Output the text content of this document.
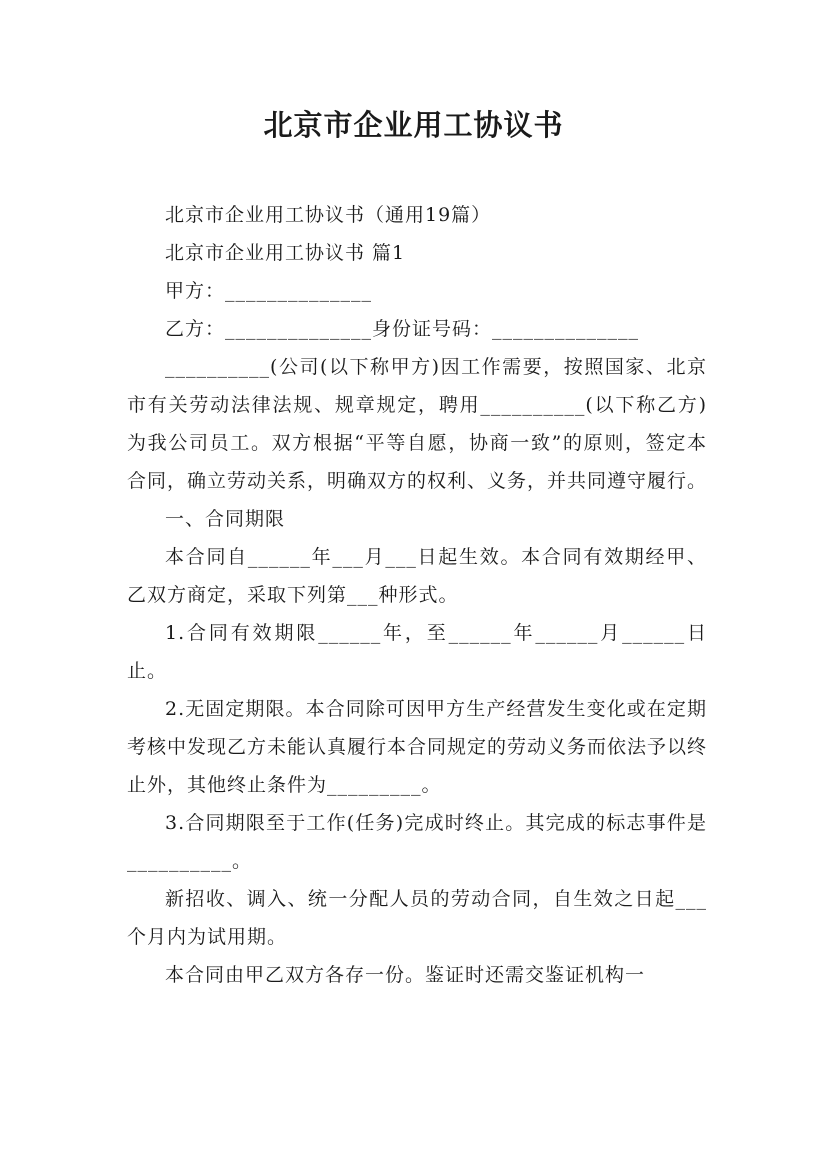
北京市企业用工协议书

北京市企业用工协议书（通用19篇）

北京市企业用工协议书 篇1

甲方：______________

乙方：______________身份证号码：______________

__________(公司(以下称甲方)因工作需要，按照国家、北京市有关劳动法律法规、规章规定，聘用__________(以下称乙方)为我公司员工。双方根据“平等自愿，协商一致”的原则，签定本合同，确立劳动关系，明确双方的权利、义务，并共同遵守履行。

一、合同期限

本合同自______年___月___日起生效。本合同有效期经甲、乙双方商定，采取下列第___种形式。

1.合同有效期限______年，至______年______月______日止。

2.无固定期限。本合同除可因甲方生产经营发生变化或在定期考核中发现乙方未能认真履行本合同规定的劳动义务而依法予以终止外，其他终止条件为_________。

3.合同期限至于工作(任务)完成时终止。其完成的标志事件是__________。

新招收、调入、统一分配人员的劳动合同，自生效之日起___个月内为试用期。

本合同由甲乙双方各存一份。鉴证时还需交鉴证机构一
